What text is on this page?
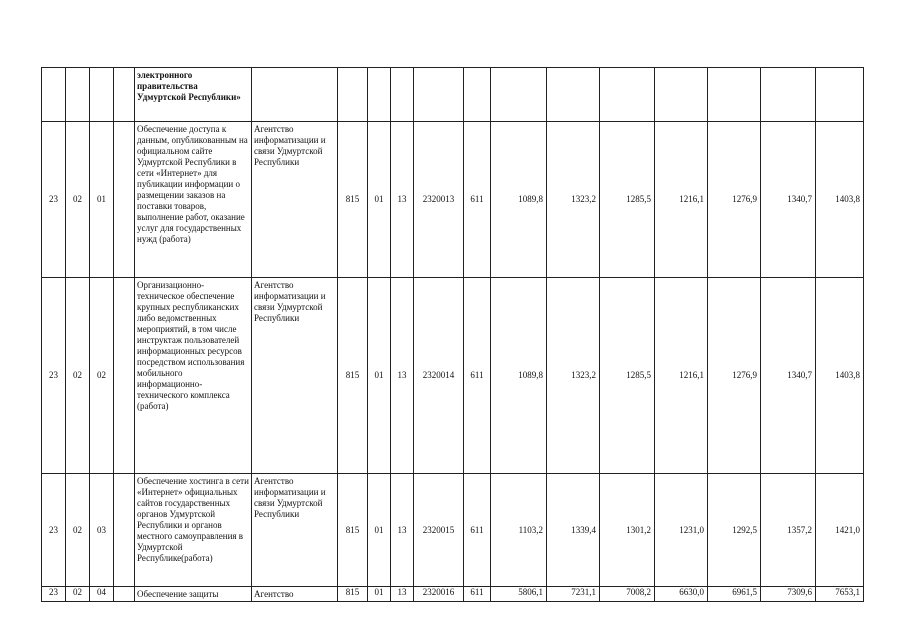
				электронного правительства Удмуртской Республики»													
23	02	01		Обеспечение доступа к данным, опубликованным на официальном сайте Удмуртской Республики в сети «Интернет» для публикации информации о размещении заказов на поставки товаров, выполнение работ, оказание услуг для государственных нужд (работа)	Агентство информатизации и связи Удмуртской Республики	815	01	13	2320013	611	1089,8	1323,2	1285,5	1216,1	1276,9	1340,7	1403,8
23	02	02		Организационно-техническое обеспечение крупных республиканских либо ведомственных мероприятий, в том числе инструктаж пользователей информационных ресурсов посредством использования мобильного информационно-технического комплекса (работа)	Агентство информатизации и связи Удмуртской Республики	815	01	13	2320014	611	1089,8	1323,2	1285,5	1216,1	1276,9	1340,7	1403,8
23	02	03		Обеспечение хостинга в сети «Интернет» официальных сайтов государственных органов Удмуртской Республики и органов местного самоуправления в Удмуртской Республике(работа)	Агентство информатизации и связи Удмуртской Республики	815	01	13	2320015	611	1103,2	1339,4	1301,2	1231,0	1292,5	1357,2	1421,0
23	02	04		Обеспечение защиты	Агентство	815	01	13	2320016	611	5806,1	7231,1	7008,2	6630,0	6961,5	7309,6	7653,1
